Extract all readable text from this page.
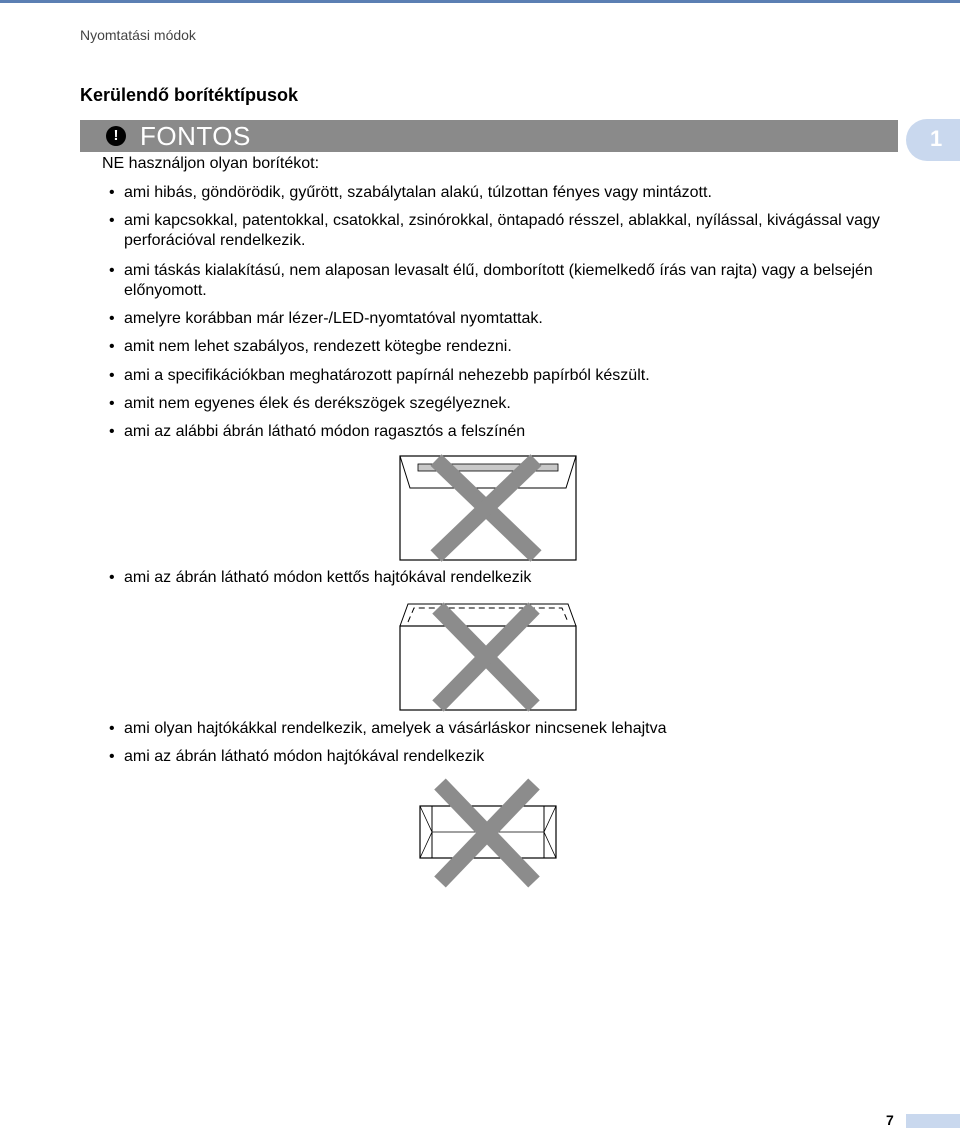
Nyomtatási módok
Kerülendő borítéktípusok
! FONTOS	1
NE használjon olyan borítékot:
• ami hibás, göndörödik, gyűrött, szabálytalan alakú, túlzottan fényes vagy mintázott.
• ami kapcsokkal, patentokkal, csatokkal, zsinórokkal, öntapadó résszel, ablakkal, nyílással, kivágással vagy perforációval rendelkezik.
• ami táskás kialakítású, nem alaposan levasalt élű, domborított (kiemelkedő írás van rajta) vagy a belsején előnyomott.
• amelyre korábban már lézer-/LED-nyomtatóval nyomtattak.
• amit nem lehet szabályos, rendezett kötegbe rendezni.
• ami a specifikációkban meghatározott papírnál nehezebb papírból készült.
• amit nem egyenes élek és derékszögek szegélyeznek.
• ami az alábbi ábrán látható módon ragasztós a felszínén
• ami az ábrán látható módon kettős hajtókával rendelkezik
• ami olyan hajtókákkal rendelkezik, amelyek a vásárláskor nincsenek lehajtva
• ami az ábrán látható módon hajtókával rendelkezik
7
